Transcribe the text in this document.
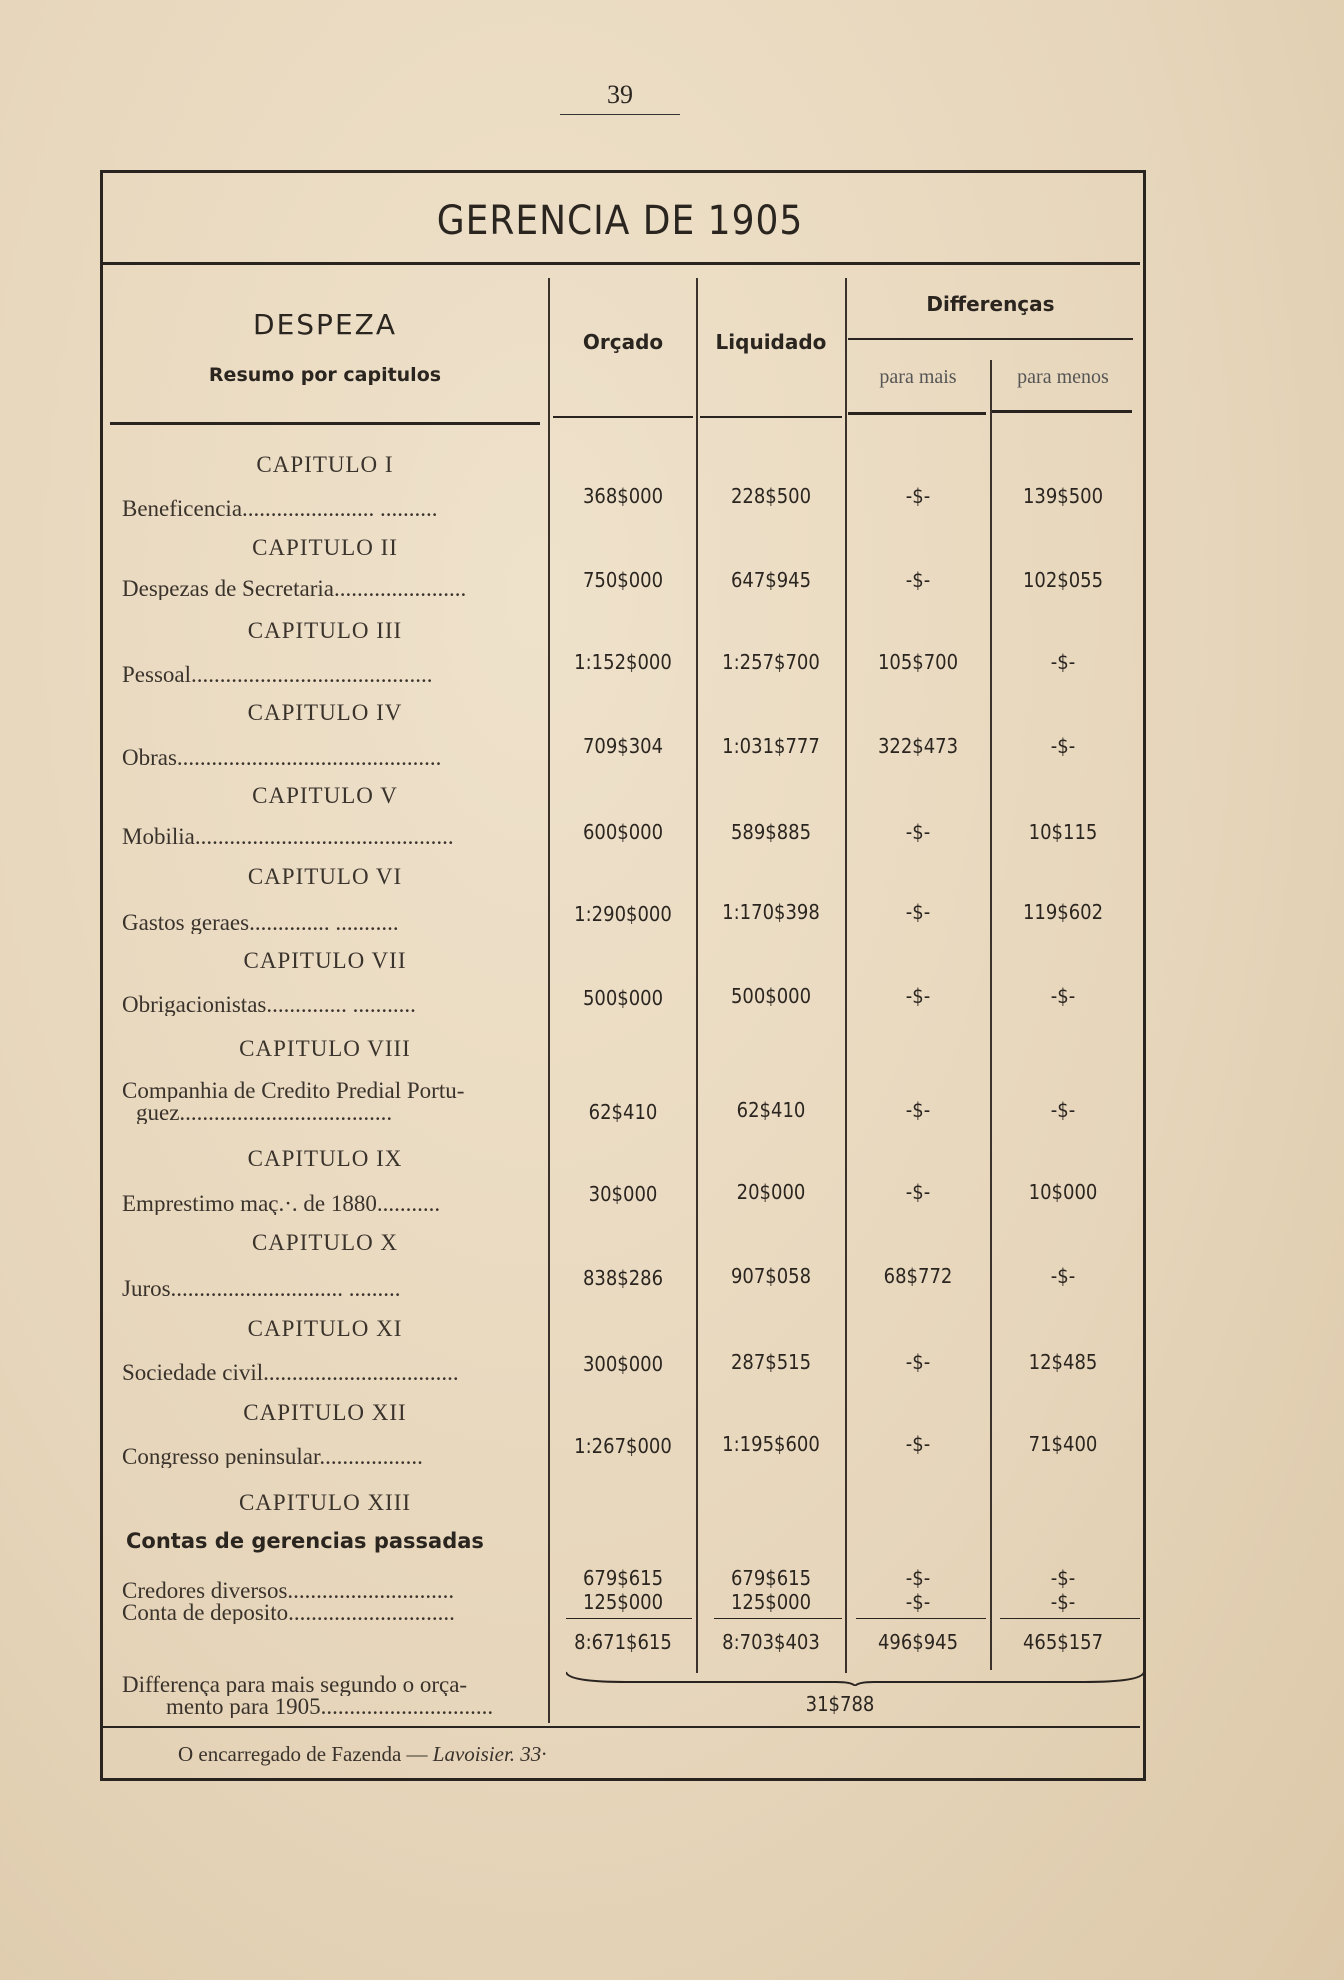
39
GERENCIA DE 1905
DESPEZA
Resumo por capitulos
Orçado	Liquidado
Differenças
para mais	para menos
CAPITULO I
Beneficencia....................... ..........	368$000	228$500	-$-	139$500
CAPITULO II
Despezas de Secretaria.......................	750$000	647$945	-$-	102$055
CAPITULO III
Pessoal..........................................	1:152$000	1:257$700	105$700	-$-
CAPITULO IV
Obras..............................................	709$304	1:031$777	322$473	-$-
CAPITULO V
Mobilia.............................................	600$000	589$885	-$-	10$115
CAPITULO VI
Gastos geraes.............. ...........	1:290$000	1:170$398	-$-	119$602
CAPITULO VII
Obrigacionistas.............. ...........	500$000	500$000	-$-	-$-
CAPITULO VIII
Companhia de Credito Predial Portu-
guez.....................................	62$410	62$410	-$-	-$-
CAPITULO IX
Emprestimo maç.·. de 1880...........	30$000	20$000	-$-	10$000
CAPITULO X
Juros.............................. .........	838$286	907$058	68$772	-$-
CAPITULO XI
Sociedade civil..................................	300$000	287$515	-$-	12$485
CAPITULO XII
Congresso peninsular..................	1:267$000	1:195$600	-$-	71$400
CAPITULO XIII
Contas de gerencias passadas
Credores diversos.............................	679$615	679$615	-$-	-$-
Conta de deposito.............................	125$000	125$000	-$-	-$-
8:671$615	8:703$403	496$945	465$157
Differença para mais segundo o orça-
mento para 1905..............................	31$788
O encarregado de Fazenda — Lavoisier. 33·
